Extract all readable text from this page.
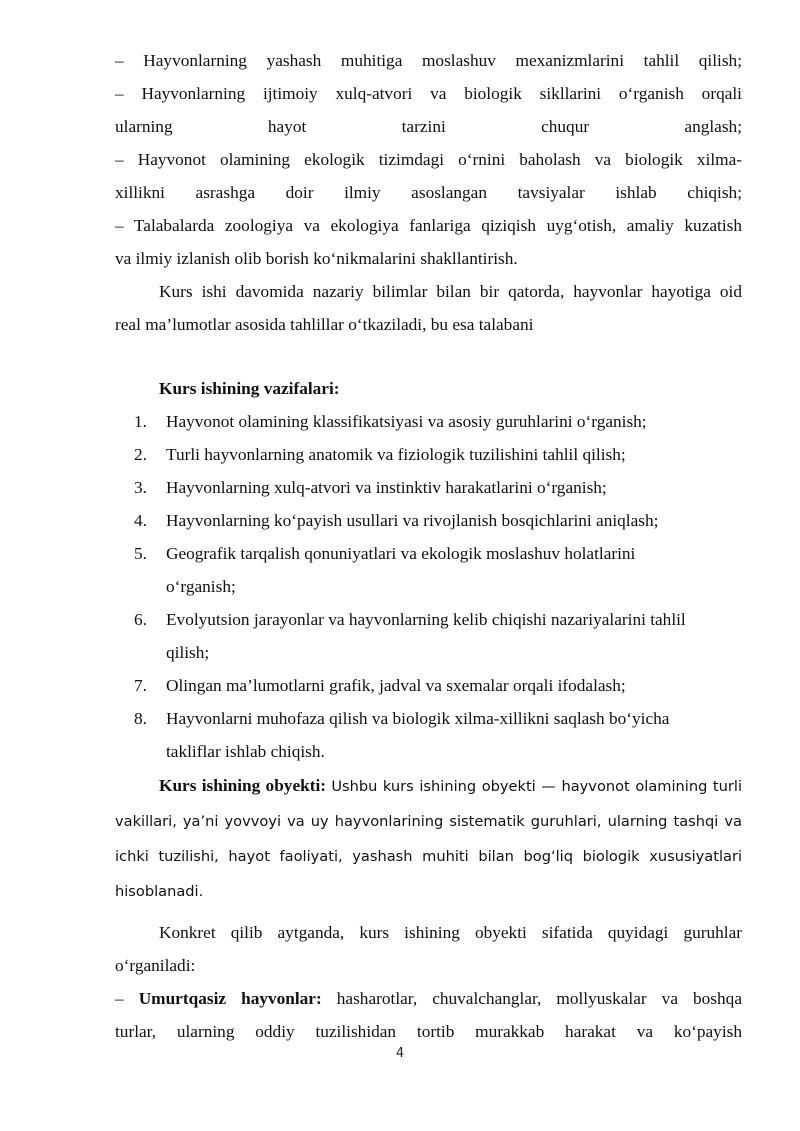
– Hayvonlarning yashash muhitiga moslashuv mexanizmlarini tahlil qilish;
– Hayvonlarning ijtimoiy xulq-atvori va biologik sikllarini o‘rganish orqali
ularning hayot tarzini chuqur anglash;
– Hayvonot olamining ekologik tizimdagi o‘rnini baholash va biologik xilma-
xillikni asrashga doir ilmiy asoslangan tavsiyalar ishlab chiqish;
– Talabalarda zoologiya va ekologiya fanlariga qiziqish uyg‘otish, amaliy kuzatish
va ilmiy izlanish olib borish ko‘nikmalarini shakllantirish.
Kurs ishi davomida nazariy bilimlar bilan bir qatorda, hayvonlar hayotiga oid
real ma’lumotlar asosida tahlillar o‘tkaziladi, bu esa talabani
Kurs ishining vazifalari:
1. Hayvonot olamining klassifikatsiyasi va asosiy guruhlarini o‘rganish;
2. Turli hayvonlarning anatomik va fiziologik tuzilishini tahlil qilish;
3. Hayvonlarning xulq-atvori va instinktiv harakatlarini o‘rganish;
4. Hayvonlarning ko‘payish usullari va rivojlanish bosqichlarini aniqlash;
5. Geografik tarqalish qonuniyatlari va ekologik moslashuv holatlarini
o‘rganish;
6. Evolyutsion jarayonlar va hayvonlarning kelib chiqishi nazariyalarini tahlil
qilish;
7. Olingan ma’lumotlarni grafik, jadval va sxemalar orqali ifodalash;
8. Hayvonlarni muhofaza qilish va biologik xilma-xillikni saqlash bo‘yicha
takliflar ishlab chiqish.
Kurs ishining obyekti: Ushbu kurs ishining obyekti — hayvonot olamining turli vakillari, ya’ni yovvoyi va uy hayvonlarining sistematik guruhlari, ularning tashqi va ichki tuzilishi, hayot faoliyati, yashash muhiti bilan bog‘liq biologik xususiyatlari hisoblanadi.
Konkret qilib aytganda, kurs ishining obyekti sifatida quyidagi guruhlar
o‘rganiladi:
– Umurtqasiz hayvonlar: hasharotlar, chuvalchanglar, mollyuskalar va boshqa
turlar, ularning oddiy tuzilishidan tortib murakkab harakat va ko‘payish
4
